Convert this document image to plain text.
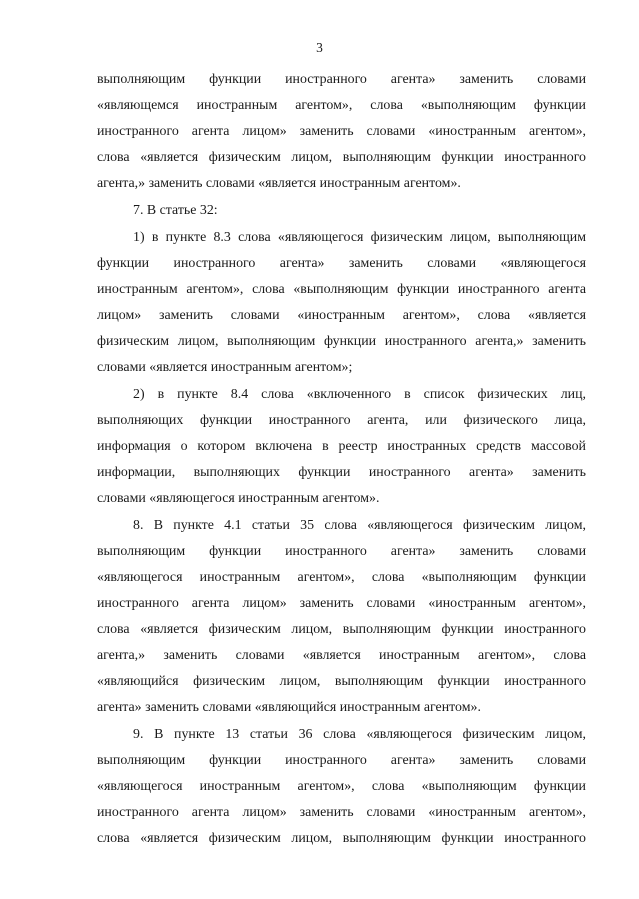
3
выполняющим функции иностранного агента» заменить словами
«являющемся иностранным агентом», слова «выполняющим функции
иностранного агента лицом» заменить словами «иностранным агентом»,
слова «является физическим лицом, выполняющим функции иностранного
агента,» заменить словами «является иностранным агентом».
7. В статье 32:
1) в пункте 8.3 слова «являющегося физическим лицом, выполняющим
функции иностранного агента» заменить словами «являющегося
иностранным агентом», слова «выполняющим функции иностранного агента
лицом» заменить словами «иностранным агентом», слова «является
физическим лицом, выполняющим функции иностранного агента,» заменить
словами «является иностранным агентом»;
2) в пункте 8.4 слова «включенного в список физических лиц,
выполняющих функции иностранного агента, или физического лица,
информация о котором включена в реестр иностранных средств массовой
информации, выполняющих функции иностранного агента» заменить
словами «являющегося иностранным агентом».
8. В пункте 4.1 статьи 35 слова «являющегося физическим лицом,
выполняющим функции иностранного агента» заменить словами
«являющегося иностранным агентом», слова «выполняющим функции
иностранного агента лицом» заменить словами «иностранным агентом»,
слова «является физическим лицом, выполняющим функции иностранного
агента,» заменить словами «является иностранным агентом», слова
«являющийся физическим лицом, выполняющим функции иностранного
агента» заменить словами «являющийся иностранным агентом».
9. В пункте 13 статьи 36 слова «являющегося физическим лицом,
выполняющим функции иностранного агента» заменить словами
«являющегося иностранным агентом», слова «выполняющим функции
иностранного агента лицом» заменить словами «иностранным агентом»,
слова «является физическим лицом, выполняющим функции иностранного
